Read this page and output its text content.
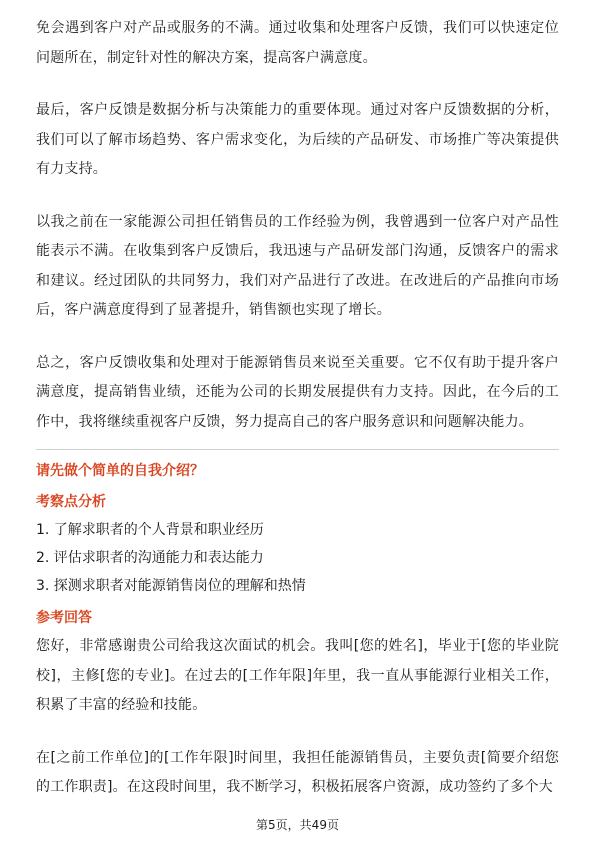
免会遇到客户对产品或服务的不满。通过收集和处理客户反馈，我们可以快速定位问题所在，制定针对性的解决方案，提高客户满意度。

最后，客户反馈是数据分析与决策能力的重要体现。通过对客户反馈数据的分析，我们可以了解市场趋势、客户需求变化，为后续的产品研发、市场推广等决策提供有力支持。

以我之前在一家能源公司担任销售员的工作经验为例，我曾遇到一位客户对产品性能表示不满。在收集到客户反馈后，我迅速与产品研发部门沟通，反馈客户的需求和建议。经过团队的共同努力，我们对产品进行了改进。在改进后的产品推向市场后，客户满意度得到了显著提升，销售额也实现了增长。

总之，客户反馈收集和处理对于能源销售员来说至关重要。它不仅有助于提升客户满意度，提高销售业绩，还能为公司的长期发展提供有力支持。因此，在今后的工作中，我将继续重视客户反馈，努力提高自己的客户服务意识和问题解决能力。

请先做个简单的自我介绍？

考察点分析

1. 了解求职者的个人背景和职业经历
2. 评估求职者的沟通能力和表达能力
3. 探测求职者对能源销售岗位的理解和热情

参考回答

您好，非常感谢贵公司给我这次面试的机会。我叫[您的姓名]，毕业于[您的毕业院校]，主修[您的专业]。在过去的[工作年限]年里，我一直从事能源行业相关工作，积累了丰富的经验和技能。

在[之前工作单位]的[工作年限]时间里，我担任能源销售员，主要负责[简要介绍您的工作职责]。在这段时间里，我不断学习，积极拓展客户资源，成功签约了多个大

第5页，共49页
